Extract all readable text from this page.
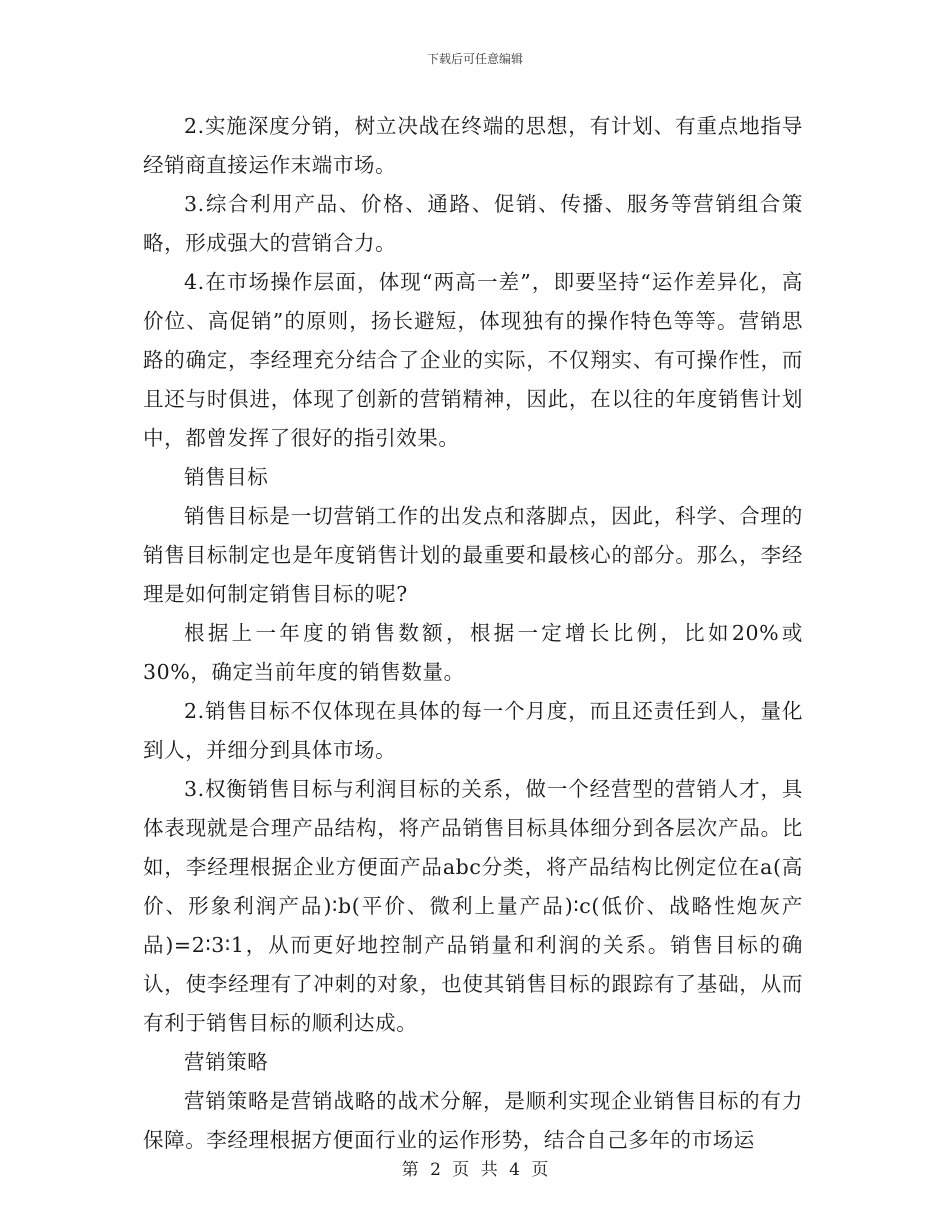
下载后可任意编辑

2.实施深度分销，树立决战在终端的思想，有计划、有重点地指导经销商直接运作末端市场。

3.综合利用产品、价格、通路、促销、传播、服务等营销组合策略，形成强大的营销合力。

4.在市场操作层面，体现“两高一差”，即要坚持“运作差异化，高价位、高促销”的原则，扬长避短，体现独有的操作特色等等。营销思路的确定，李经理充分结合了企业的实际，不仅翔实、有可操作性，而且还与时俱进，体现了创新的营销精神，因此，在以往的年度销售计划中，都曾发挥了很好的指引效果。

销售目标

销售目标是一切营销工作的出发点和落脚点，因此，科学、合理的销售目标制定也是年度销售计划的最重要和最核心的部分。那么，李经理是如何制定销售目标的呢?

根据上一年度的销售数额，根据一定增长比例，比如20%或30%，确定当前年度的销售数量。

2.销售目标不仅体现在具体的每一个月度，而且还责任到人，量化到人，并细分到具体市场。

3.权衡销售目标与利润目标的关系，做一个经营型的营销人才，具体表现就是合理产品结构，将产品销售目标具体细分到各层次产品。比如，李经理根据企业方便面产品abc分类，将产品结构比例定位在a(高价、形象利润产品)∶b(平价、微利上量产品)∶c(低价、战略性炮灰产品)=2∶3∶1，从而更好地控制产品销量和利润的关系。销售目标的确认，使李经理有了冲刺的对象，也使其销售目标的跟踪有了基础，从而有利于销售目标的顺利达成。

营销策略

营销策略是营销战略的战术分解，是顺利实现企业销售目标的有力保障。李经理根据方便面行业的运作形势，结合自己多年的市场运

第 2 页 共 4 页
